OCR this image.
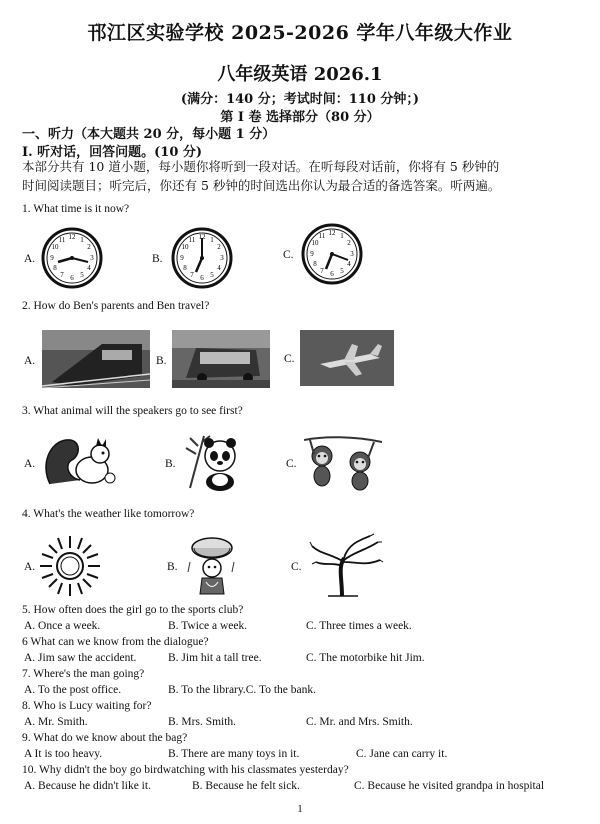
邗江区实验学校 2025-2026 学年八年级大作业
八年级英语 2026.1
(满分：140 分；考试时间：110 分钟；)
第 I 卷 选择部分（80 分）
一、听力（本大题共 20 分，每小题 1 分）
I. 听对话，回答问题。(10 分)
本部分共有 10 道小题，每小题你将听到一段对话。在听每段对话前，你将有 5 秒钟的
时间阅读题目；听完后，你还有 5 秒钟的时间选出你认为最合适的备选答案。听两遍。
1. What time is it now?
A.	B.	C.
12 1
2
3
4
5
6
7
8
9
10
11	12 1
2
3
4
5
6
7
8
9
10
11
12 1
2
3
4
5
6
7
8
9
10
11
2. How do Ben's parents and Ben travel?
A.	B.	C.
3. What animal will the speakers go to see first?
A.	B.	C.
4. What's the weather like tomorrow?
A.	B.	C.
5. How often does the girl go to the sports club?
A. Once a week.	B. Twice a week.	C. Three times a week.
6 What can we know from the dialogue?
A. Jim saw the accident.	B. Jim hit a tall tree.	C. The motorbike hit Jim.
7. Where's the man going?
A. To the post office.	B. To the library.C. To the bank.
8. Who is Lucy waiting for?
A. Mr. Smith.	B. Mrs. Smith.	C. Mr. and Mrs. Smith.
9. What do we know about the bag?
A It is too heavy.	B. There are many toys in it.	C. Jane can carry it.
10. Why didn't the boy go birdwatching with his classmates yesterday?
A. Because he didn't like it.	B. Because he felt sick.	C. Because he visited grandpa in hospital
1
